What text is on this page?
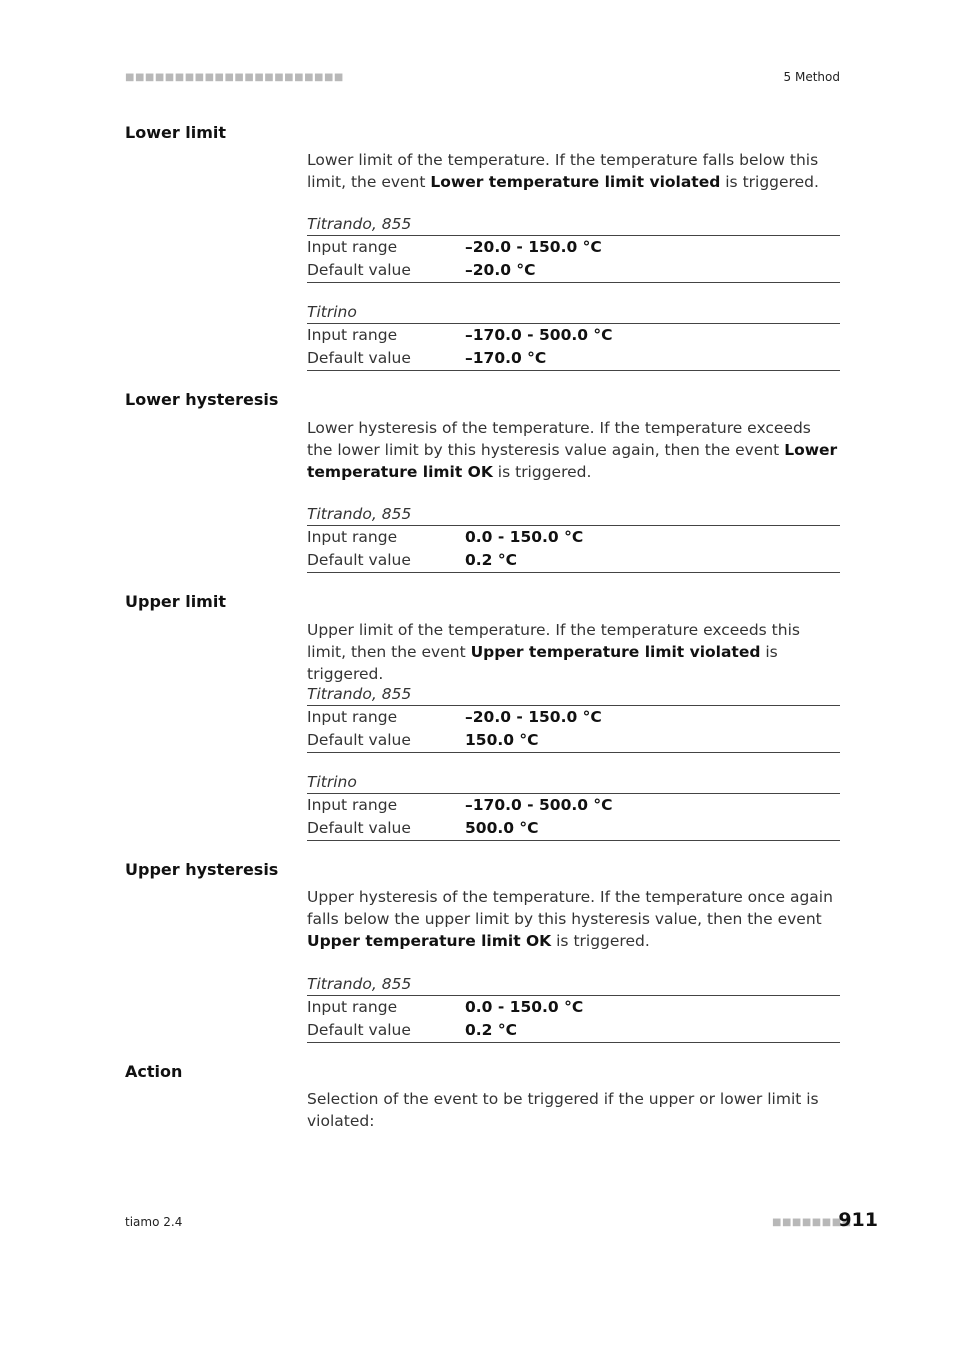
■■■■■■■■■■■■■■■■■■■■■■	5 Method
Lower limit
Lower limit of the temperature. If the temperature falls below this limit, the event Lower temperature limit violated is triggered.
Titrando, 855
Input range	–20.0 - 150.0 °C
Default value	–20.0 °C
Titrino
Input range	–170.0 - 500.0 °C
Default value	–170.0 °C
Lower hysteresis
Lower hysteresis of the temperature. If the temperature exceeds the lower limit by this hysteresis value again, then the event Lower temperature limit OK is triggered.
Titrando, 855
Input range	0.0 - 150.0 °C
Default value	0.2 °C
Upper limit
Upper limit of the temperature. If the temperature exceeds this limit, then the event Upper temperature limit violated is triggered.
Titrando, 855
Input range	–20.0 - 150.0 °C
Default value	150.0 °C
Titrino
Input range	–170.0 - 500.0 °C
Default value	500.0 °C
Upper hysteresis
Upper hysteresis of the temperature. If the temperature once again falls below the upper limit by this hysteresis value, then the event Upper temperature limit OK is triggered.
Titrando, 855
Input range	0.0 - 150.0 °C
Default value	0.2 °C
Action
Selection of the event to be triggered if the upper or lower limit is violated:
tiamo 2.4	■■■■■■■■
911
